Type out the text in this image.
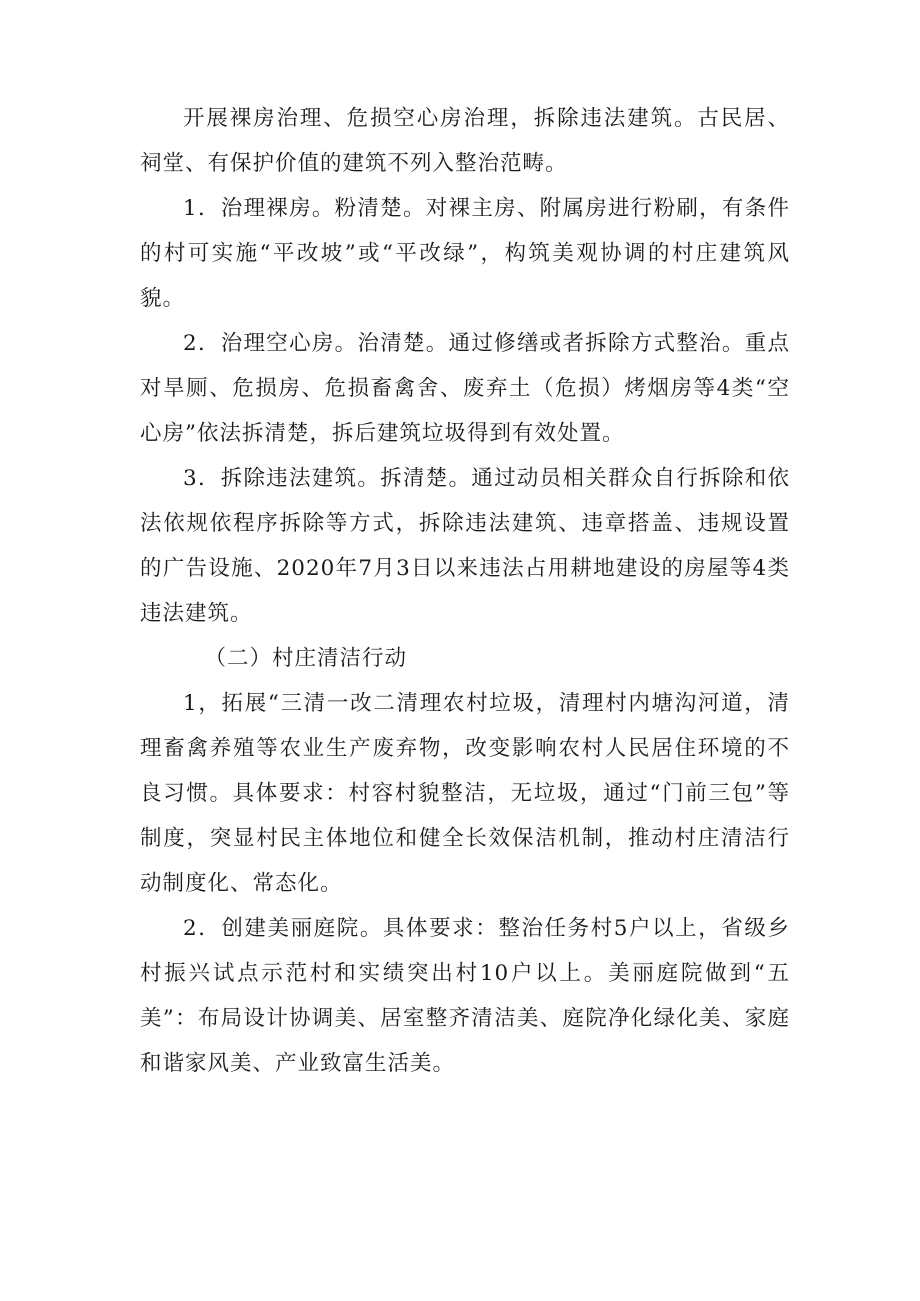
开展裸房治理、危损空心房治理，拆除违法建筑。古民居、祠堂、有保护价值的建筑不列入整治范畴。

1．治理裸房。粉清楚。对裸主房、附属房进行粉刷，有条件的村可实施“平改坡”或“平改绿”，构筑美观协调的村庄建筑风貌。

2．治理空心房。治清楚。通过修缮或者拆除方式整治。重点对旱厕、危损房、危损畜禽舍、废弃土（危损）烤烟房等4类“空心房”依法拆清楚，拆后建筑垃圾得到有效处置。

3．拆除违法建筑。拆清楚。通过动员相关群众自行拆除和依法依规依程序拆除等方式，拆除违法建筑、违章搭盖、违规设置的广告设施、2020年7月3日以来违法占用耕地建设的房屋等4类违法建筑。

（二）村庄清洁行动

1，拓展“三清一改二清理农村垃圾，清理村内塘沟河道，清理畜禽养殖等农业生产废弃物，改变影响农村人民居住环境的不良习惯。具体要求：村容村貌整洁，无垃圾，通过“门前三包”等制度，突显村民主体地位和健全长效保洁机制，推动村庄清洁行动制度化、常态化。

2．创建美丽庭院。具体要求：整治任务村5户以上，省级乡村振兴试点示范村和实绩突出村10户以上。美丽庭院做到“五美”：布局设计协调美、居室整齐清洁美、庭院净化绿化美、家庭和谐家风美、产业致富生活美。
